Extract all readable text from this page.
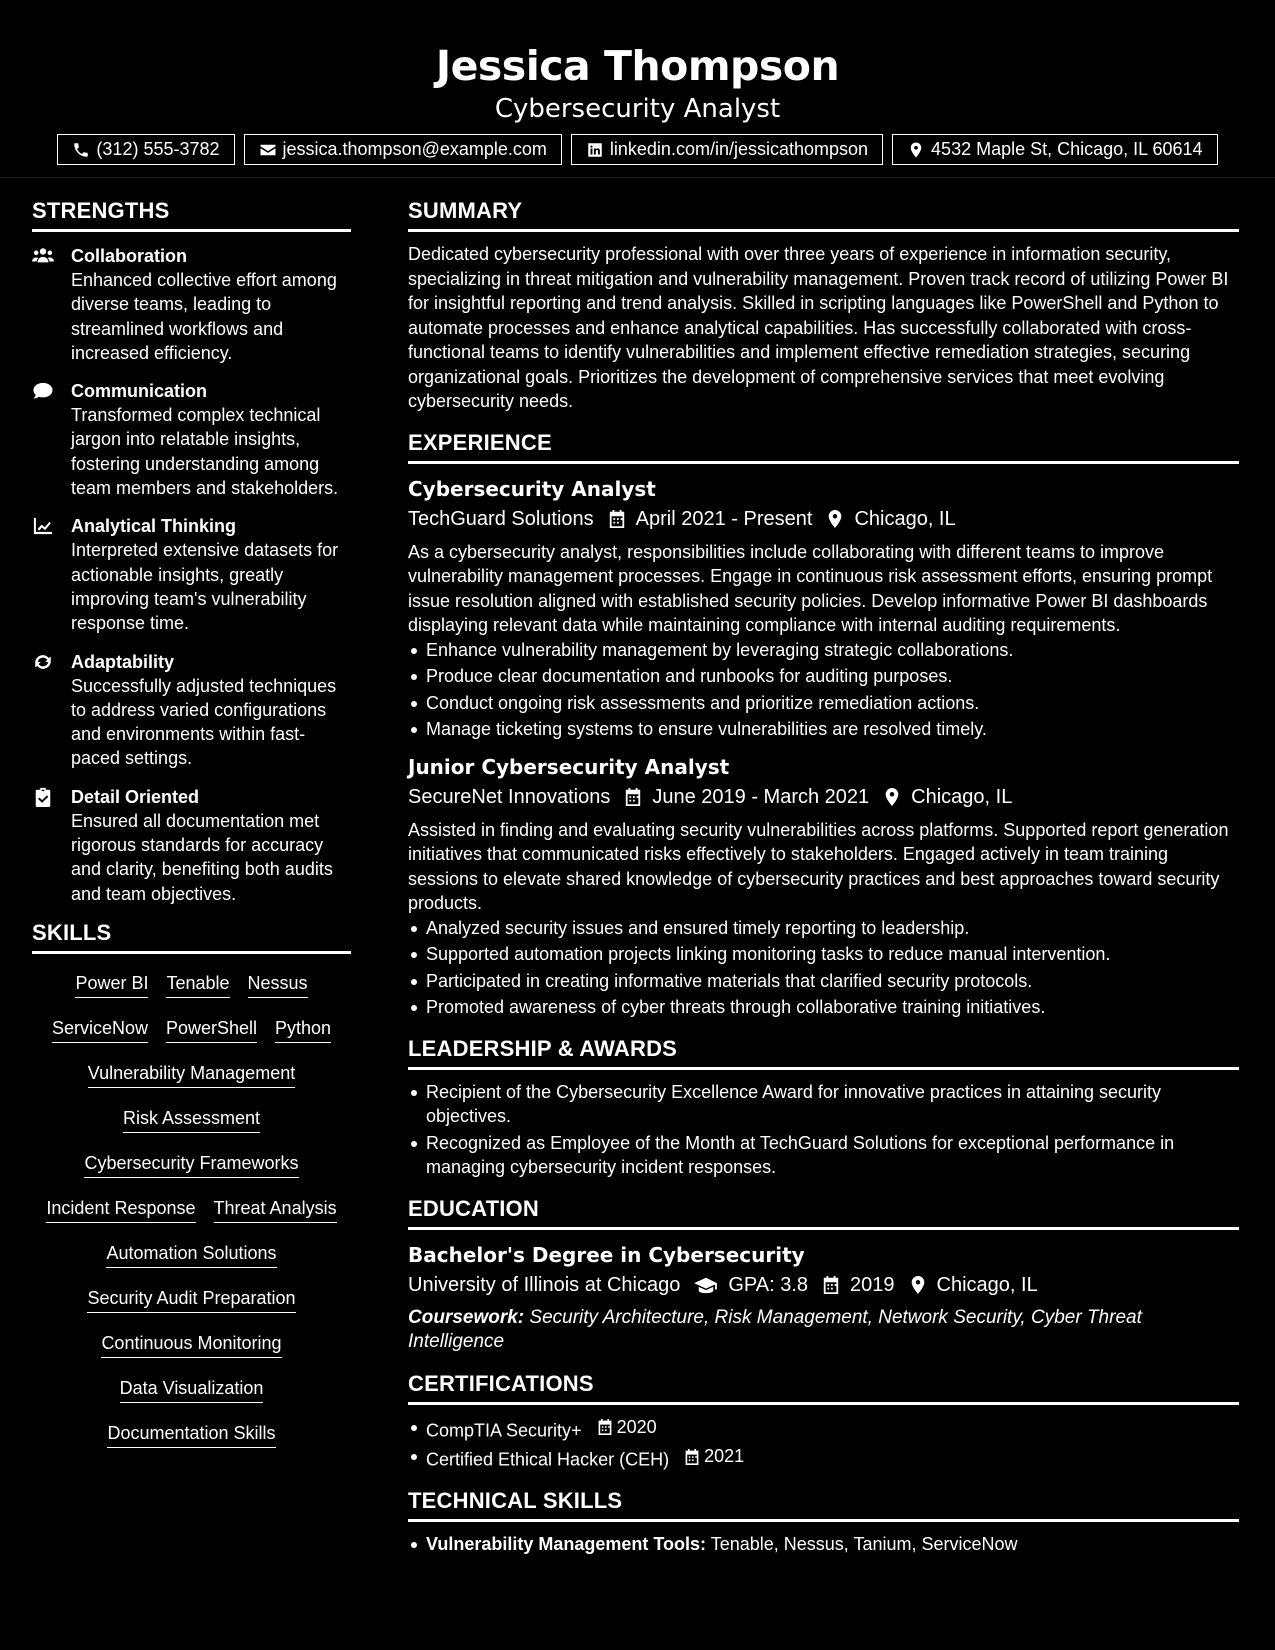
Jessica Thompson
Cybersecurity Analyst
(312) 555-3782	jessica.thompson@example.com	linkedin.com/in/jessicathompson	4532 Maple St, Chicago, IL 60614
STRENGTHS
Collaboration
Enhanced collective effort among diverse teams, leading to streamlined workflows and increased efficiency.
Communication
Transformed complex technical jargon into relatable insights, fostering understanding among team members and stakeholders.
Analytical Thinking
Interpreted extensive datasets for actionable insights, greatly improving team's vulnerability response time.
Adaptability
Successfully adjusted techniques to address varied configurations and environments within fast-paced settings.
Detail Oriented
Ensured all documentation met rigorous standards for accuracy and clarity, benefiting both audits and team objectives.
SKILLS
Power BI Tenable Nessus
ServiceNow PowerShell Python
Vulnerability Management
Risk Assessment
Cybersecurity Frameworks
Incident Response Threat Analysis
Automation Solutions
Security Audit Preparation
Continuous Monitoring
Data Visualization
Documentation Skills
SUMMARY
Dedicated cybersecurity professional with over three years of experience in information security, specializing in threat mitigation and vulnerability management. Proven track record of utilizing Power BI for insightful reporting and trend analysis. Skilled in scripting languages like PowerShell and Python to automate processes and enhance analytical capabilities. Has successfully collaborated with cross-functional teams to identify vulnerabilities and implement effective remediation strategies, securing organizational goals. Prioritizes the development of comprehensive services that meet evolving cybersecurity needs.
EXPERIENCE
Cybersecurity Analyst
TechGuard Solutions April 2021 - Present Chicago, IL
As a cybersecurity analyst, responsibilities include collaborating with different teams to improve vulnerability management processes. Engage in continuous risk assessment efforts, ensuring prompt issue resolution aligned with established security policies. Develop informative Power BI dashboards displaying relevant data while maintaining compliance with internal auditing requirements.
Enhance vulnerability management by leveraging strategic collaborations.
Produce clear documentation and runbooks for auditing purposes.
Conduct ongoing risk assessments and prioritize remediation actions.
Manage ticketing systems to ensure vulnerabilities are resolved timely.
Junior Cybersecurity Analyst
SecureNet Innovations June 2019 - March 2021 Chicago, IL
Assisted in finding and evaluating security vulnerabilities across platforms. Supported report generation initiatives that communicated risks effectively to stakeholders. Engaged actively in team training sessions to elevate shared knowledge of cybersecurity practices and best approaches toward security products.
Analyzed security issues and ensured timely reporting to leadership.
Supported automation projects linking monitoring tasks to reduce manual intervention.
Participated in creating informative materials that clarified security protocols.
Promoted awareness of cyber threats through collaborative training initiatives.
LEADERSHIP & AWARDS
Recipient of the Cybersecurity Excellence Award for innovative practices in attaining security objectives.
Recognized as Employee of the Month at TechGuard Solutions for exceptional performance in managing cybersecurity incident responses.
EDUCATION
Bachelor's Degree in Cybersecurity
University of Illinois at Chicago GPA: 3.8 2019 Chicago, IL
Coursework: Security Architecture, Risk Management, Network Security, Cyber Threat Intelligence
CERTIFICATIONS
CompTIA Security+ 2020
Certified Ethical Hacker (CEH) 2021
TECHNICAL SKILLS
Vulnerability Management Tools: Tenable, Nessus, Tanium, ServiceNow
